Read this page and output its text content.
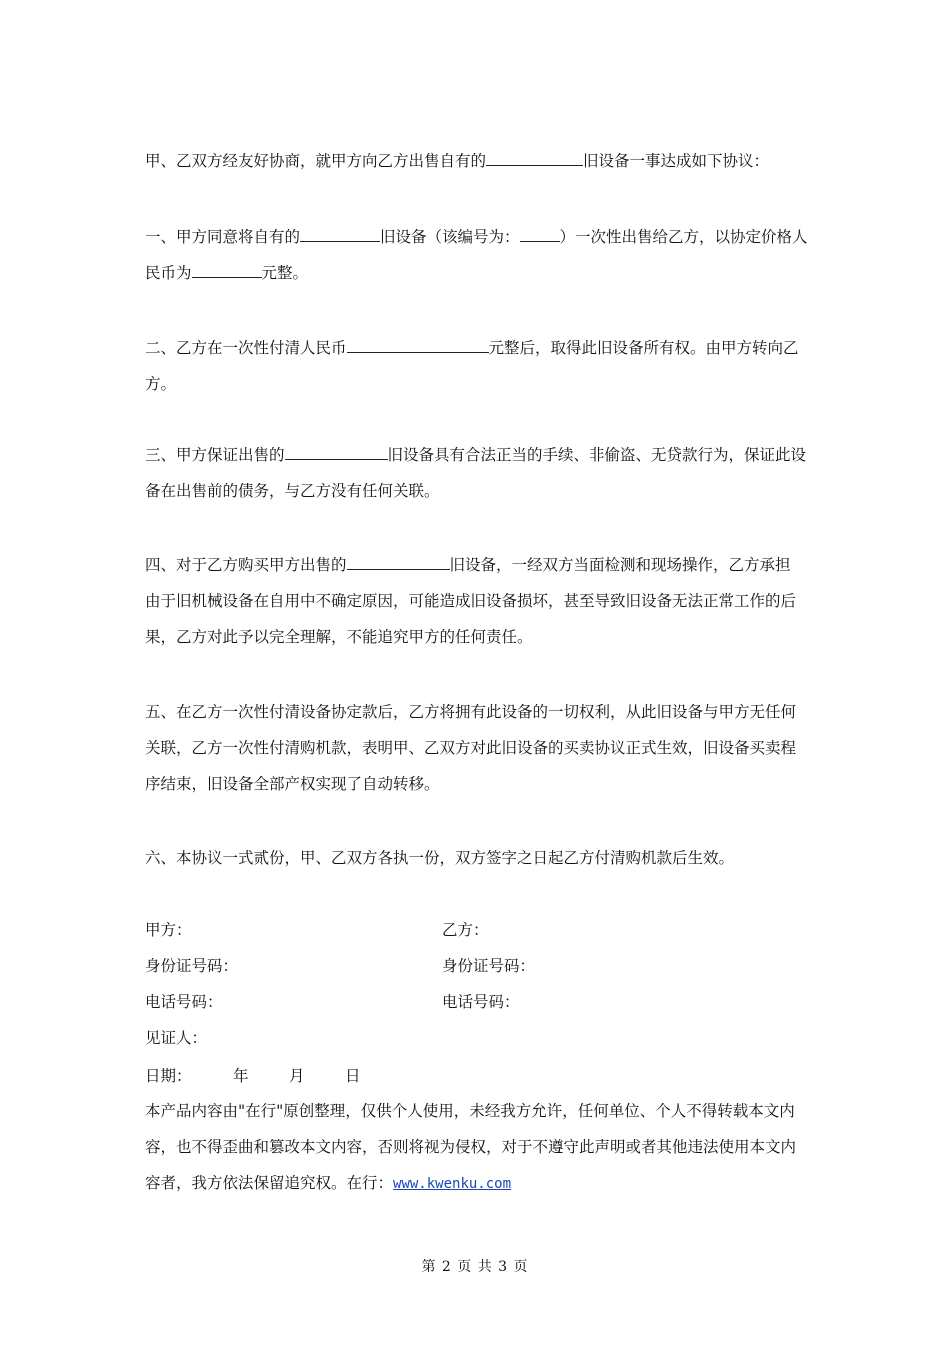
甲、乙双方经友好协商，就甲方向乙方出售自有的	旧设备一事达成如下协议：
一、甲方同意将自有的	旧设备（该编号为：	）一次性出售给乙方，以协定价格人
民币为	元整。
二、乙方在一次性付清人民币	元整后，取得此旧设备所有权。由甲方转向乙
方。
三、甲方保证出售的	旧设备具有合法正当的手续、非偷盗、无贷款行为，保证此设
备在出售前的债务，与乙方没有任何关联。
四、对于乙方购买甲方出售的	旧设备，一经双方当面检测和现场操作，乙方承担
由于旧机械设备在自用中不确定原因，可能造成旧设备损坏，甚至导致旧设备无法正常工作的后
果，乙方对此予以完全理解，不能追究甲方的任何责任。
五、在乙方一次性付清设备协定款后，乙方将拥有此设备的一切权利，从此旧设备与甲方无任何
关联，乙方一次性付清购机款，表明甲、乙双方对此旧设备的买卖协议正式生效，旧设备买卖程
序结束，旧设备全部产权实现了自动转移。
六、本协议一式贰份，甲、乙双方各执一份，双方签字之日起乙方付清购机款后生效。
甲方：	乙方：
身份证号码：	身份证号码：
电话号码：	电话号码：
见证人：
日期：	年	月	日
本产品内容由"在行"原创整理，仅供个人使用，未经我方允许，任何单位、个人不得转载本文内
容，也不得歪曲和篡改本文内容，否则将视为侵权，对于不遵守此声明或者其他违法使用本文内
容者，我方依法保留追究权。在行：www.kwenku.com
第 2 页 共 3 页
